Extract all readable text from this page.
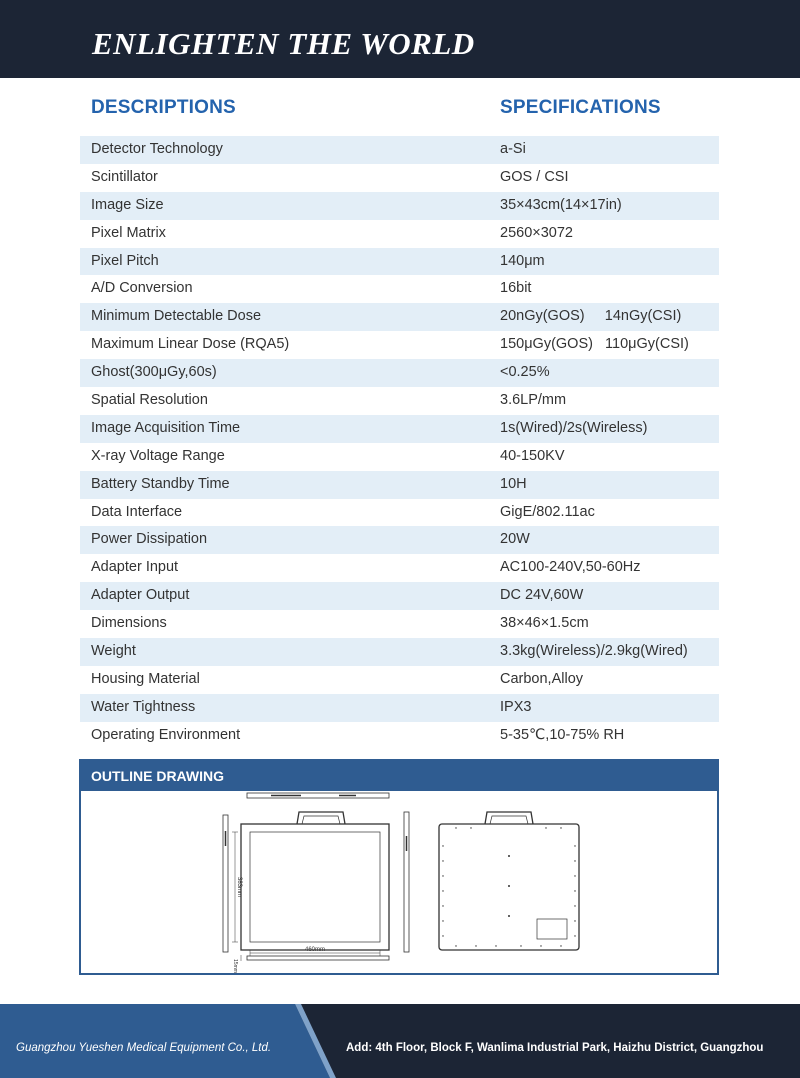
ENLIGHTEN THE WORLD
DESCRIPTIONS	SPECIFICATIONS
Detector Technology	a-Si
Scintillator	GOS / CSI
Image Size	35×43cm(14×17in)
Pixel Matrix	2560×3072
Pixel Pitch	140μm
A/D Conversion	16bit
Minimum Detectable Dose	20nGy(GOS)     14nGy(CSI)
Maximum Linear Dose (RQA5)	150μGy(GOS)   110μGy(CSI)
Ghost(300μGy,60s)	<0.25%
Spatial Resolution	3.6LP/mm
Image Acquisition Time	1s(Wired)/2s(Wireless)
X-ray Voltage Range	40-150KV
Battery Standby Time	10H
Data Interface	GigE/802.11ac
Power Dissipation	20W
Adapter Input	AC100-240V,50-60Hz
Adapter Output	DC 24V,60W
Dimensions	38×46×1.5cm
Weight	3.3kg(Wireless)/2.9kg(Wired)
Housing Material	Carbon,Alloy
Water Tightness	IPX3
Operating Environment	5-35℃,10-75% RH
OUTLINE DRAWING
460mm
383mm
15mm
Guangzhou Yueshen Medical Equipment Co., Ltd.	Add: 4th Floor, Block F, Wanlima Industrial Park, Haizhu District, Guangzhou
